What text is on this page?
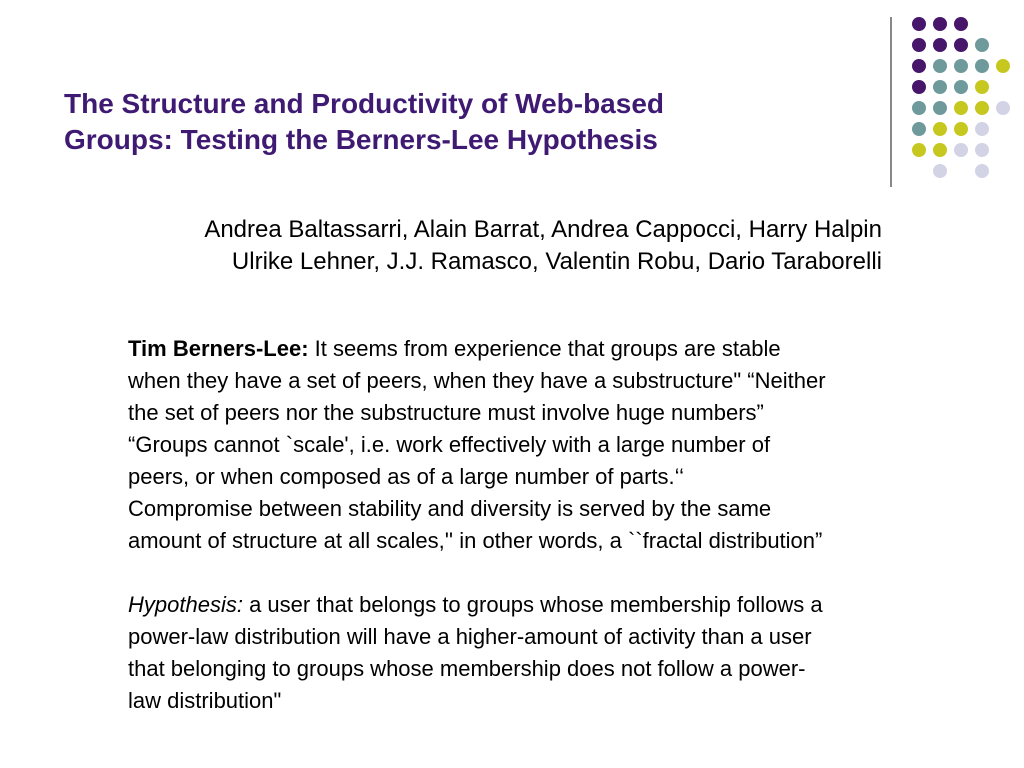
The Structure and Productivity of Web-based
Groups: Testing the Berners-Lee Hypothesis
Andrea Baltassarri, Alain Barrat, Andrea Cappocci, Harry Halpin
Ulrike Lehner, J.J. Ramasco, Valentin Robu, Dario Taraborelli

Tim Berners-Lee: It seems from experience that groups are stable

when they have a set of peers, when they have a substructure" “Neither

the set of peers nor the substructure must involve huge numbers”

“Groups cannot `scale', i.e. work effectively with a large number of

peers, or when composed as of a large number of parts.‘‘

Compromise between stability and diversity is served by the same

amount of structure at all scales,'' in other words, a ``fractal distribution”

Hypothesis: a user that belongs to groups whose membership follows a

power-law distribution will have a higher-amount of activity than a user

that belonging to groups whose membership does not follow a power-

law distribution"
